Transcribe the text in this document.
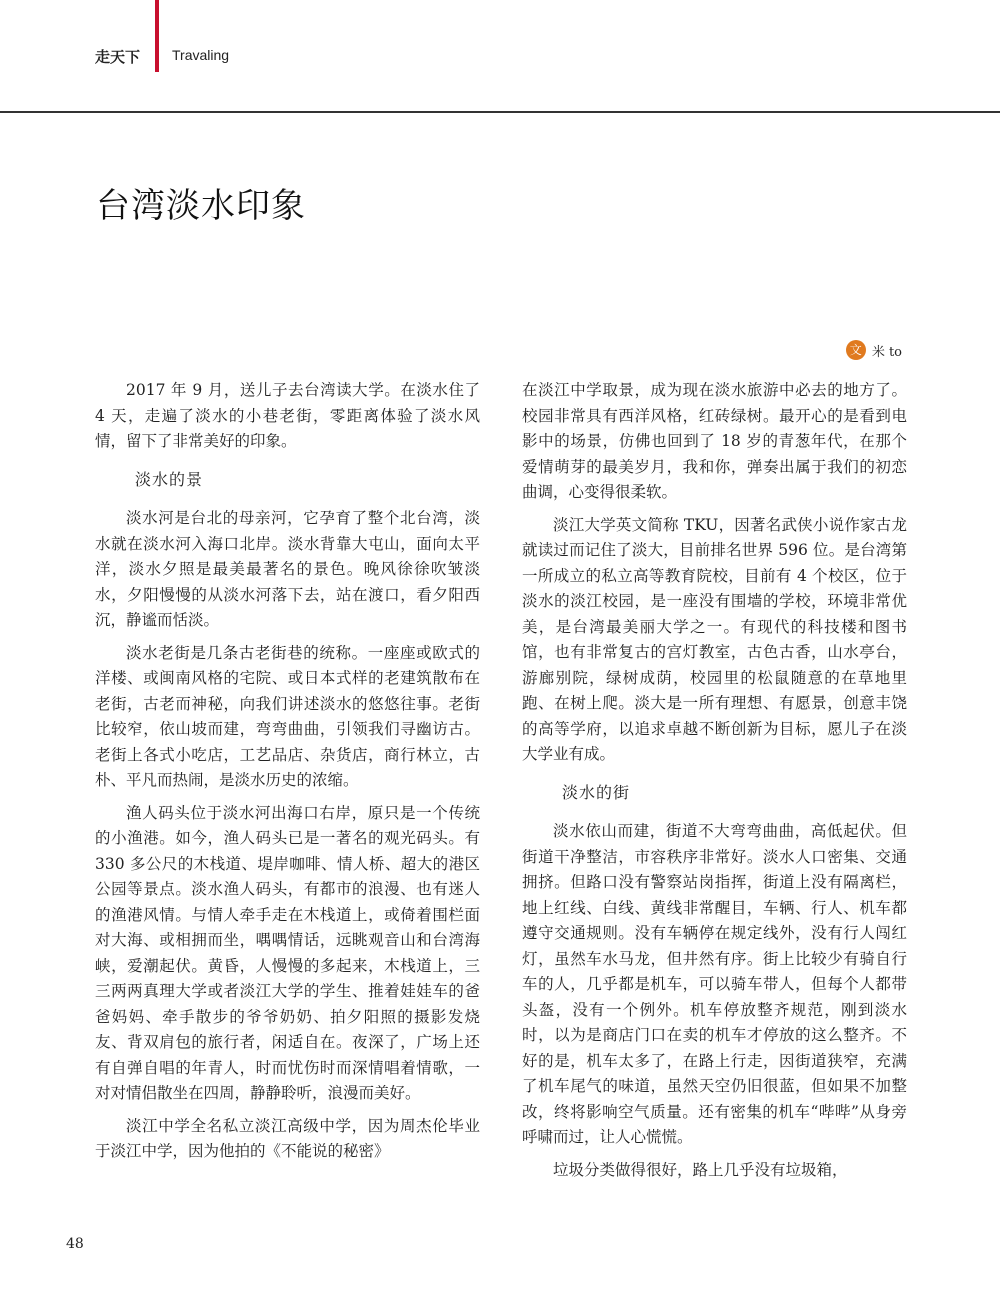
走天下 Travaling
台湾淡水印象
文 米 to

2017 年 9 月，送儿子去台湾读大学。在淡水住了 4 天，走遍了淡水的小巷老街，零距离体验了淡水风情，留下了非常美好的印象。

淡水的景

淡水河是台北的母亲河，它孕育了整个北台湾，淡水就在淡水河入海口北岸。淡水背靠大屯山，面向太平洋，淡水夕照是最美最著名的景色。晚风徐徐吹皱淡水，夕阳慢慢的从淡水河落下去，站在渡口，看夕阳西沉，静谧而恬淡。

淡水老街是几条古老街巷的统称。一座座或欧式的洋楼、或闽南风格的宅院、或日本式样的老建筑散布在老街，古老而神秘，向我们讲述淡水的悠悠往事。老街比较窄，依山坡而建，弯弯曲曲，引领我们寻幽访古。老街上各式小吃店，工艺品店、杂货店，商行林立，古朴、平凡而热闹，是淡水历史的浓缩。

渔人码头位于淡水河出海口右岸，原只是一个传统的小渔港。如今，渔人码头已是一著名的观光码头。有 330 多公尺的木栈道、堤岸咖啡、情人桥、超大的港区公园等景点。淡水渔人码头，有都市的浪漫、也有迷人的渔港风情。与情人牵手走在木栈道上，或倚着围栏面对大海、或相拥而坐，喁喁情话，远眺观音山和台湾海峡，爱潮起伏。黄昏，人慢慢的多起来，木栈道上，三三两两真理大学或者淡江大学的学生、推着娃娃车的爸爸妈妈、牵手散步的爷爷奶奶、拍夕阳照的摄影发烧友、背双肩包的旅行者，闲适自在。夜深了，广场上还有自弹自唱的年青人，时而忧伤时而深情唱着情歌，一对对情侣散坐在四周，静静聆听，浪漫而美好。

淡江中学全名私立淡江高级中学，因为周杰伦毕业于淡江中学，因为他拍的《不能说的秘密》

在淡江中学取景，成为现在淡水旅游中必去的地方了。校园非常具有西洋风格，红砖绿树。最开心的是看到电影中的场景，仿佛也回到了 18 岁的青葱年代，在那个爱情萌芽的最美岁月，我和你，弹奏出属于我们的初恋曲调，心变得很柔软。

淡江大学英文简称 TKU，因著名武侠小说作家古龙就读过而记住了淡大，目前排名世界 596 位。是台湾第一所成立的私立高等教育院校，目前有 4 个校区，位于淡水的淡江校园，是一座没有围墙的学校，环境非常优美，是台湾最美丽大学之一。有现代的科技楼和图书馆，也有非常复古的宫灯教室，古色古香，山水亭台，游廊别院，绿树成荫，校园里的松鼠随意的在草地里跑、在树上爬。淡大是一所有理想、有愿景，创意丰饶的高等学府，以追求卓越不断创新为目标，愿儿子在淡大学业有成。

淡水的街

淡水依山而建，街道不大弯弯曲曲，高低起伏。但街道干净整洁，市容秩序非常好。淡水人口密集、交通拥挤。但路口没有警察站岗指挥，街道上没有隔离栏，地上红线、白线、黄线非常醒目，车辆、行人、机车都遵守交通规则。没有车辆停在规定线外，没有行人闯红灯，虽然车水马龙，但井然有序。街上比较少有骑自行车的人，几乎都是机车，可以骑车带人，但每个人都带头盔，没有一个例外。机车停放整齐规范，刚到淡水时，以为是商店门口在卖的机车才停放的这么整齐。不好的是，机车太多了，在路上行走，因街道狭窄，充满了机车尾气的味道，虽然天空仍旧很蓝，但如果不加整改，终将影响空气质量。还有密集的机车“哔哔”从身旁呼啸而过，让人心慌慌。

垃圾分类做得很好，路上几乎没有垃圾箱，

48
